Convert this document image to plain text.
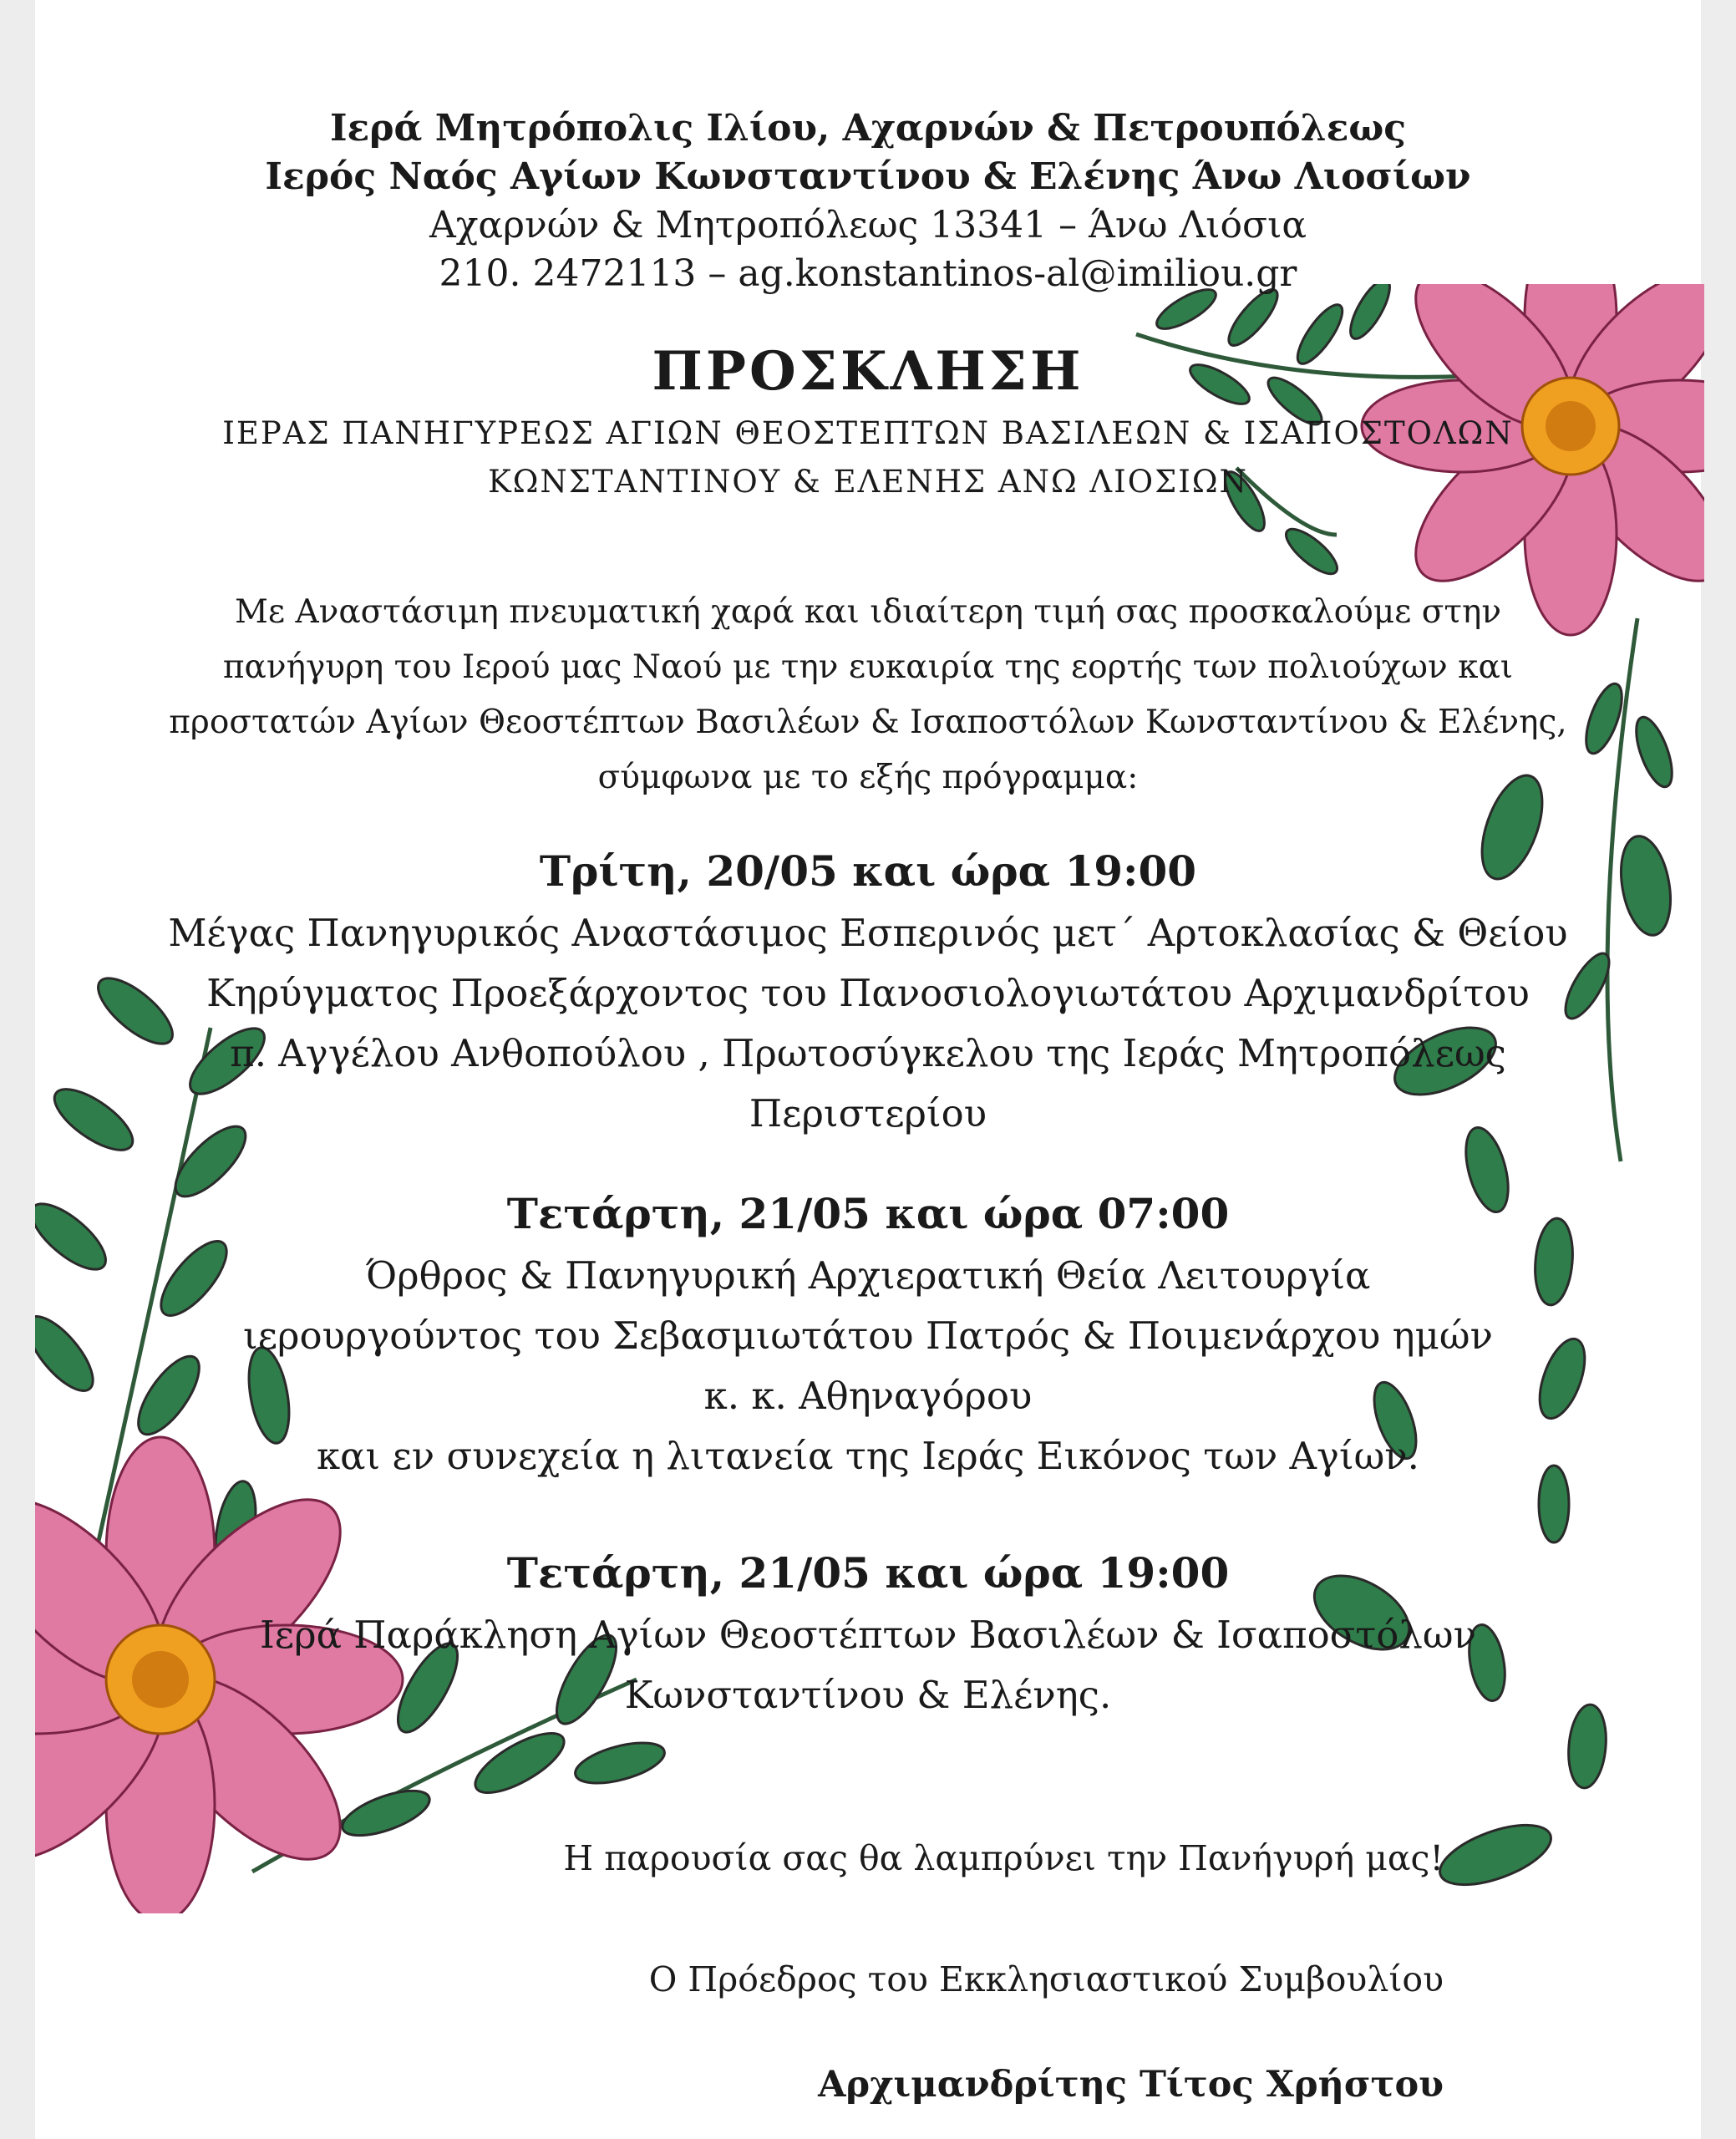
Ιερά Μητρόπολις Ιλίου, Αχαρνών & Πετρουπόλεως
Ιερός Ναός Αγίων Κωνσταντίνου & Ελένης Άνω Λιοσίων
Αχαρνών & Μητροπόλεως 13341 – Άνω Λιόσια
210. 2472113 – ag.konstantinos-al@imiliou.gr
ΠΡΟΣΚΛΗΣΗ
ΙΕΡΑΣ ΠΑΝΗΓΥΡΕΩΣ ΑΓΙΩΝ ΘΕΟΣΤΕΠΤΩΝ ΒΑΣΙΛΕΩΝ & ΙΣΑΠΟΣΤΟΛΩΝ
ΚΩΝΣΤΑΝΤΙΝΟΥ & ΕΛΕΝΗΣ ΑΝΩ ΛΙΟΣΙΩΝ
Με Αναστάσιμη πνευματική χαρά και ιδιαίτερη τιμή σας προσκαλούμε στην
πανήγυρη του Ιερού μας Ναού με την ευκαιρία της εορτής των πολιούχων και
προστατών Αγίων Θεοστέπτων Βασιλέων & Ισαποστόλων Κωνσταντίνου & Ελένης,
σύμφωνα με το εξής πρόγραμμα:
Τρίτη, 20/05 και ώρα 19:00
Μέγας Πανηγυρικός Αναστάσιμος Εσπερινός μετ΄ Αρτοκλασίας & Θείου
Κηρύγματος Προεξάρχοντος του Πανοσιολογιωτάτου Αρχιμανδρίτου
π. Αγγέλου Ανθοπούλου , Πρωτοσύγκελου της Ιεράς Μητροπόλεως
Περιστερίου
Τετάρτη, 21/05 και ώρα 07:00
Όρθρος & Πανηγυρική Αρχιερατική Θεία Λειτουργία
ιερουργούντος του Σεβασμιωτάτου Πατρός & Ποιμενάρχου ημών
κ. κ. Αθηναγόρου
και εν συνεχεία η λιτανεία της Ιεράς Εικόνος των Αγίων.
Τετάρτη, 21/05 και ώρα 19:00
Ιερά Παράκληση Αγίων Θεοστέπτων Βασιλέων & Ισαποστόλων
Κωνσταντίνου & Ελένης.
Η παρουσία σας θα λαμπρύνει την Πανήγυρή μας!
Ο Πρόεδρος του Εκκλησιαστικού Συμβουλίου
Αρχιμανδρίτης Τίτος Χρήστου
